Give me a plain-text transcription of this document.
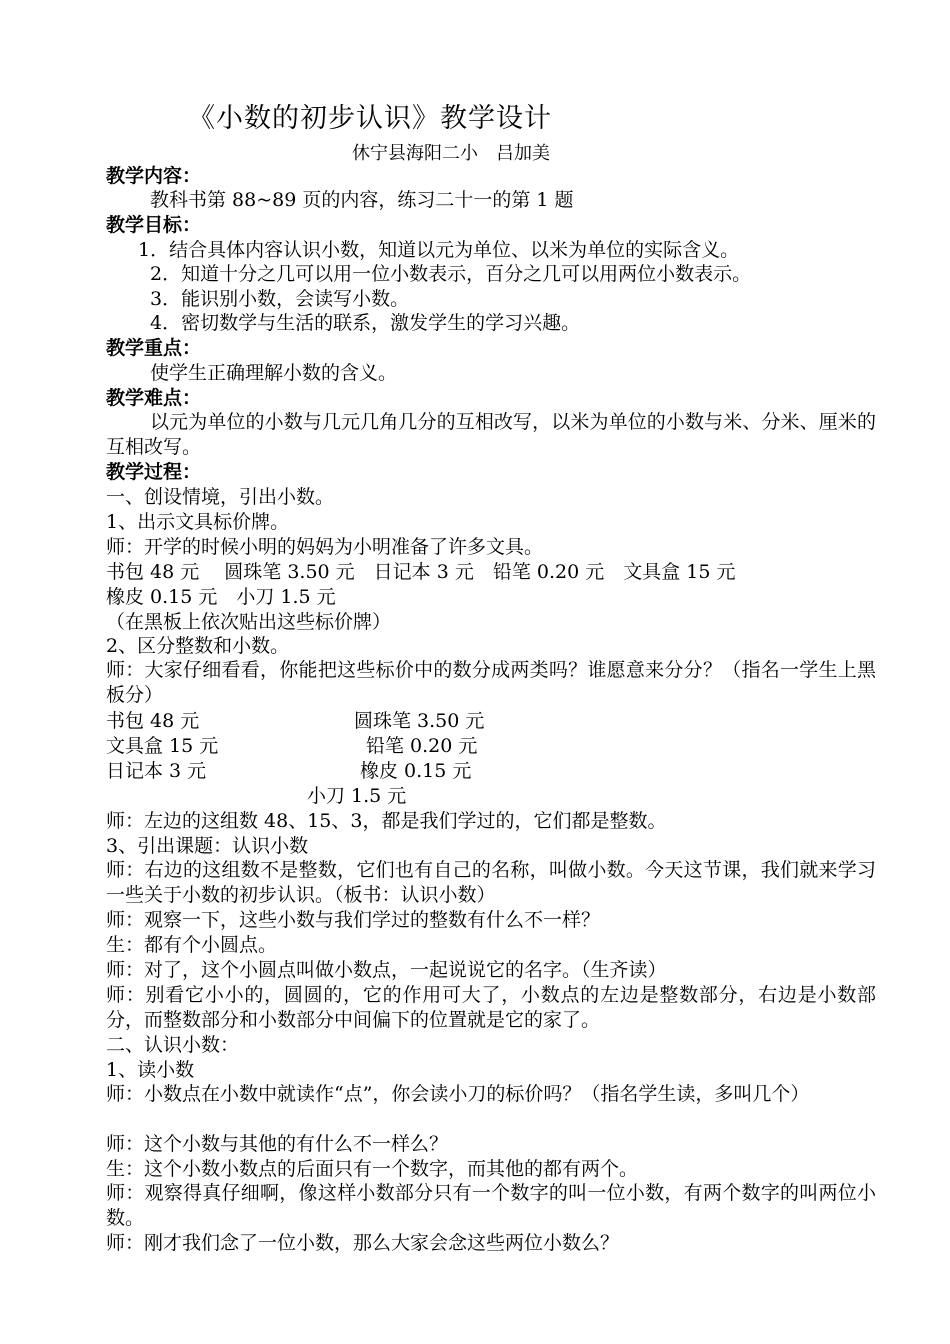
《小数的初步认识》教学设计
休宁县海阳二小　吕加美
教学内容：
教科书第 88~89 页的内容，练习二十一的第 1 题
教学目标：
1．结合具体内容认识小数，知道以元为单位、以米为单位的实际含义。
2．知道十分之几可以用一位小数表示，百分之几可以用两位小数表示。
3．能识别小数，会读写小数。
4．密切数学与生活的联系，激发学生的学习兴趣。
教学重点：
使学生正确理解小数的含义。
教学难点：
以元为单位的小数与几元几角几分的互相改写，以米为单位的小数与米、分米、厘米的互相改写。
教学过程：
一、创设情境，引出小数。
1、出示文具标价牌。
师：开学的时候小明的妈妈为小明准备了许多文具。
书包 48 元　 圆珠笔 3.50 元　日记本 3 元　铅笔 0.20 元　文具盒 15 元
橡皮 0.15 元　小刀 1.5 元
（在黑板上依次贴出这些标价牌）
2、区分整数和小数。
师：大家仔细看看，你能把这些标价中的数分成两类吗？谁愿意来分分？（指名一学生上黑板分）
书包 48 元
文具盒 15 元
日记本 3 元
圆珠笔 3.50 元
铅笔 0.20 元
橡皮 0.15 元
小刀 1.5 元
师：左边的这组数 48、15、3，都是我们学过的，它们都是整数。
3、引出课题：认识小数
师：右边的这组数不是整数，它们也有自己的名称，叫做小数。今天这节课，我们就来学习一些关于小数的初步认识。（板书：认识小数）
师：观察一下，这些小数与我们学过的整数有什么不一样？
生：都有个小圆点。
师：对了，这个小圆点叫做小数点，一起说说它的名字。（生齐读）
师：别看它小小的，圆圆的，它的作用可大了，小数点的左边是整数部分，右边是小数部分，而整数部分和小数部分中间偏下的位置就是它的家了。
二、认识小数：
1、读小数
师：小数点在小数中就读作“点”，你会读小刀的标价吗？（指名学生读，多叫几个）
师：这个小数与其他的有什么不一样么？
生：这个小数小数点的后面只有一个数字，而其他的都有两个。
师：观察得真仔细啊，像这样小数部分只有一个数字的叫一位小数，有两个数字的叫两位小数。
师：刚才我们念了一位小数，那么大家会念这些两位小数么？
